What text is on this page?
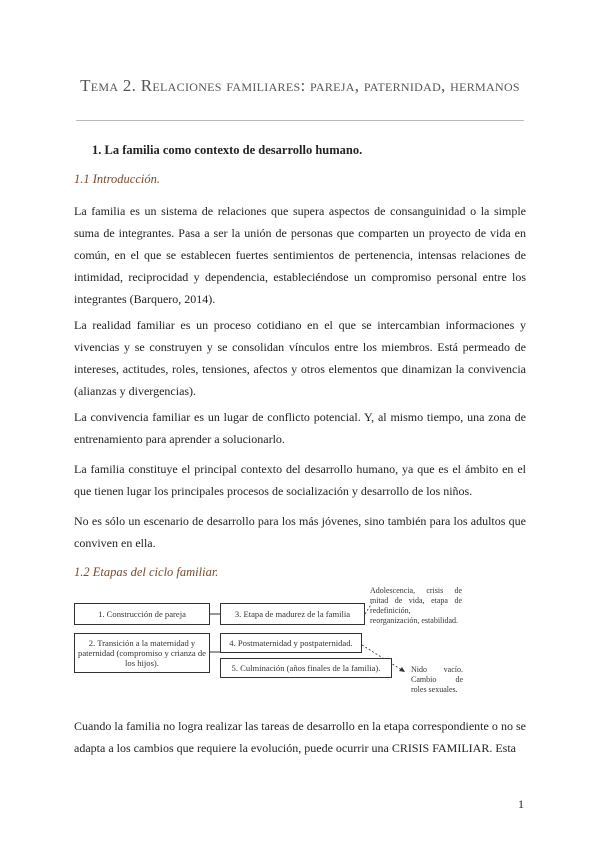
Tema 2. Relaciones familiares: pareja, paternidad, hermanos
1. La familia como contexto de desarrollo humano.
1.1 Introducción.
La familia es un sistema de relaciones que supera aspectos de consanguinidad o la simple suma de integrantes. Pasa a ser la unión de personas que comparten un proyecto de vida en común, en el que se establecen fuertes sentimientos de pertenencia, intensas relaciones de intimidad, reciprocidad y dependencia, estableciéndose un compromiso personal entre los integrantes (Barquero, 2014).
La realidad familiar es un proceso cotidiano en el que se intercambian informaciones y vivencias y se construyen y se consolidan vínculos entre los miembros. Está permeado de intereses, actitudes, roles, tensiones, afectos y otros elementos que dinamizan la convivencia (alianzas y divergencias).
La convivencia familiar es un lugar de conflicto potencial. Y, al mismo tiempo, una zona de entrenamiento para aprender a solucionarlo.
La familia constituye el principal contexto del desarrollo humano, ya que es el ámbito en el que tienen lugar los principales procesos de socialización y desarrollo de los niños.
No es sólo un escenario de desarrollo para los más jóvenes, sino también para los adultos que conviven en ella.
1.2 Etapas del ciclo familiar.
1. Construcción de pareja
2. Transición a la maternidad y paternidad (compromiso y crianza de los hijos).
3. Etapa de madurez de la familia
4. Postmaternidad y postpaternidad.
5. Culminación (años finales de la familia).
Adolescencia, crisis de mitad de vida, etapa de redefinición, reorganización, estabilidad.
Nido vacío. Cambio de roles sexuales.
Cuando la familia no logra realizar las tareas de desarrollo en la etapa correspondiente o no se adapta a los cambios que requiere la evolución, puede ocurrir una CRISIS FAMILIAR. Esta
1
